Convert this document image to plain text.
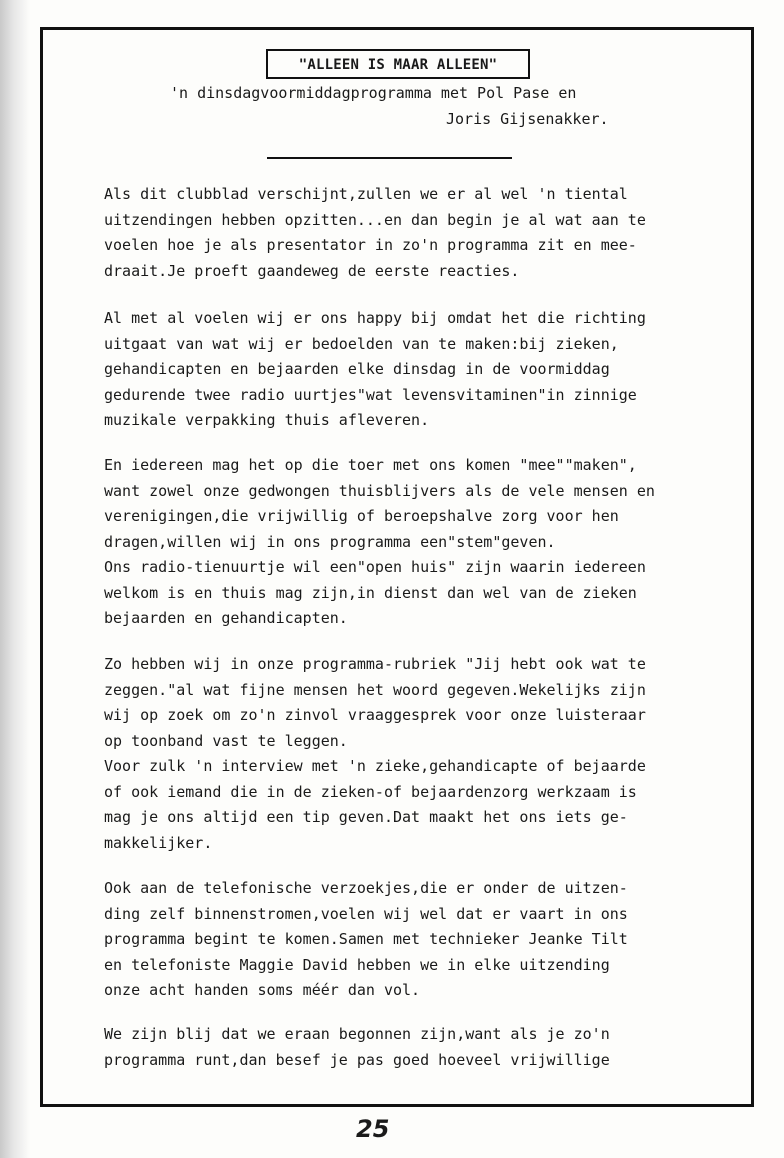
"ALLEEN IS MAAR ALLEEN"
'n dinsdagvoormiddagprogramma met Pol Pase en
Joris Gijsenakker.
Als dit clubblad verschijnt,zullen we er al wel 'n tiental
uitzendingen hebben opzitten...en dan begin je al wat aan te
voelen hoe je als presentator in zo'n programma zit en mee-
draait.Je proeft gaandeweg de eerste reacties.
Al met al voelen wij er ons happy bij omdat het die richting
uitgaat van wat wij er bedoelden van te maken:bij zieken,
gehandicapten en bejaarden elke dinsdag in de voormiddag
gedurende twee radio uurtjes"wat levensvitaminen"in zinnige
muzikale verpakking thuis afleveren.
En iedereen mag het op die toer met ons komen "mee""maken",
want zowel onze gedwongen thuisblijvers als de vele mensen en
verenigingen,die vrijwillig of beroepshalve zorg voor hen
dragen,willen wij in ons programma een"stem"geven.
Ons radio-tienuurtje wil een"open huis" zijn waarin iedereen
welkom is en thuis mag zijn,in dienst dan wel van de zieken
bejaarden en gehandicapten.
Zo hebben wij in onze programma-rubriek "Jij hebt ook wat te
zeggen."al wat fijne mensen het woord gegeven.Wekelijks zijn
wij op zoek om zo'n zinvol vraaggesprek voor onze luisteraar
op toonband vast te leggen.
Voor zulk 'n interview met 'n zieke,gehandicapte of bejaarde
of ook iemand die in de zieken-of bejaardenzorg werkzaam is
mag je ons altijd een tip geven.Dat maakt het ons iets ge-
makkelijker.
Ook aan de telefonische verzoekjes,die er onder de uitzen-
ding zelf binnenstromen,voelen wij wel dat er vaart in ons
programma begint te komen.Samen met technieker Jeanke Tilt
en telefoniste Maggie David hebben we in elke uitzending
onze acht handen soms méér dan vol.
We zijn blij dat we eraan begonnen zijn,want als je zo'n
programma runt,dan besef je pas goed hoeveel vrijwillige
25
